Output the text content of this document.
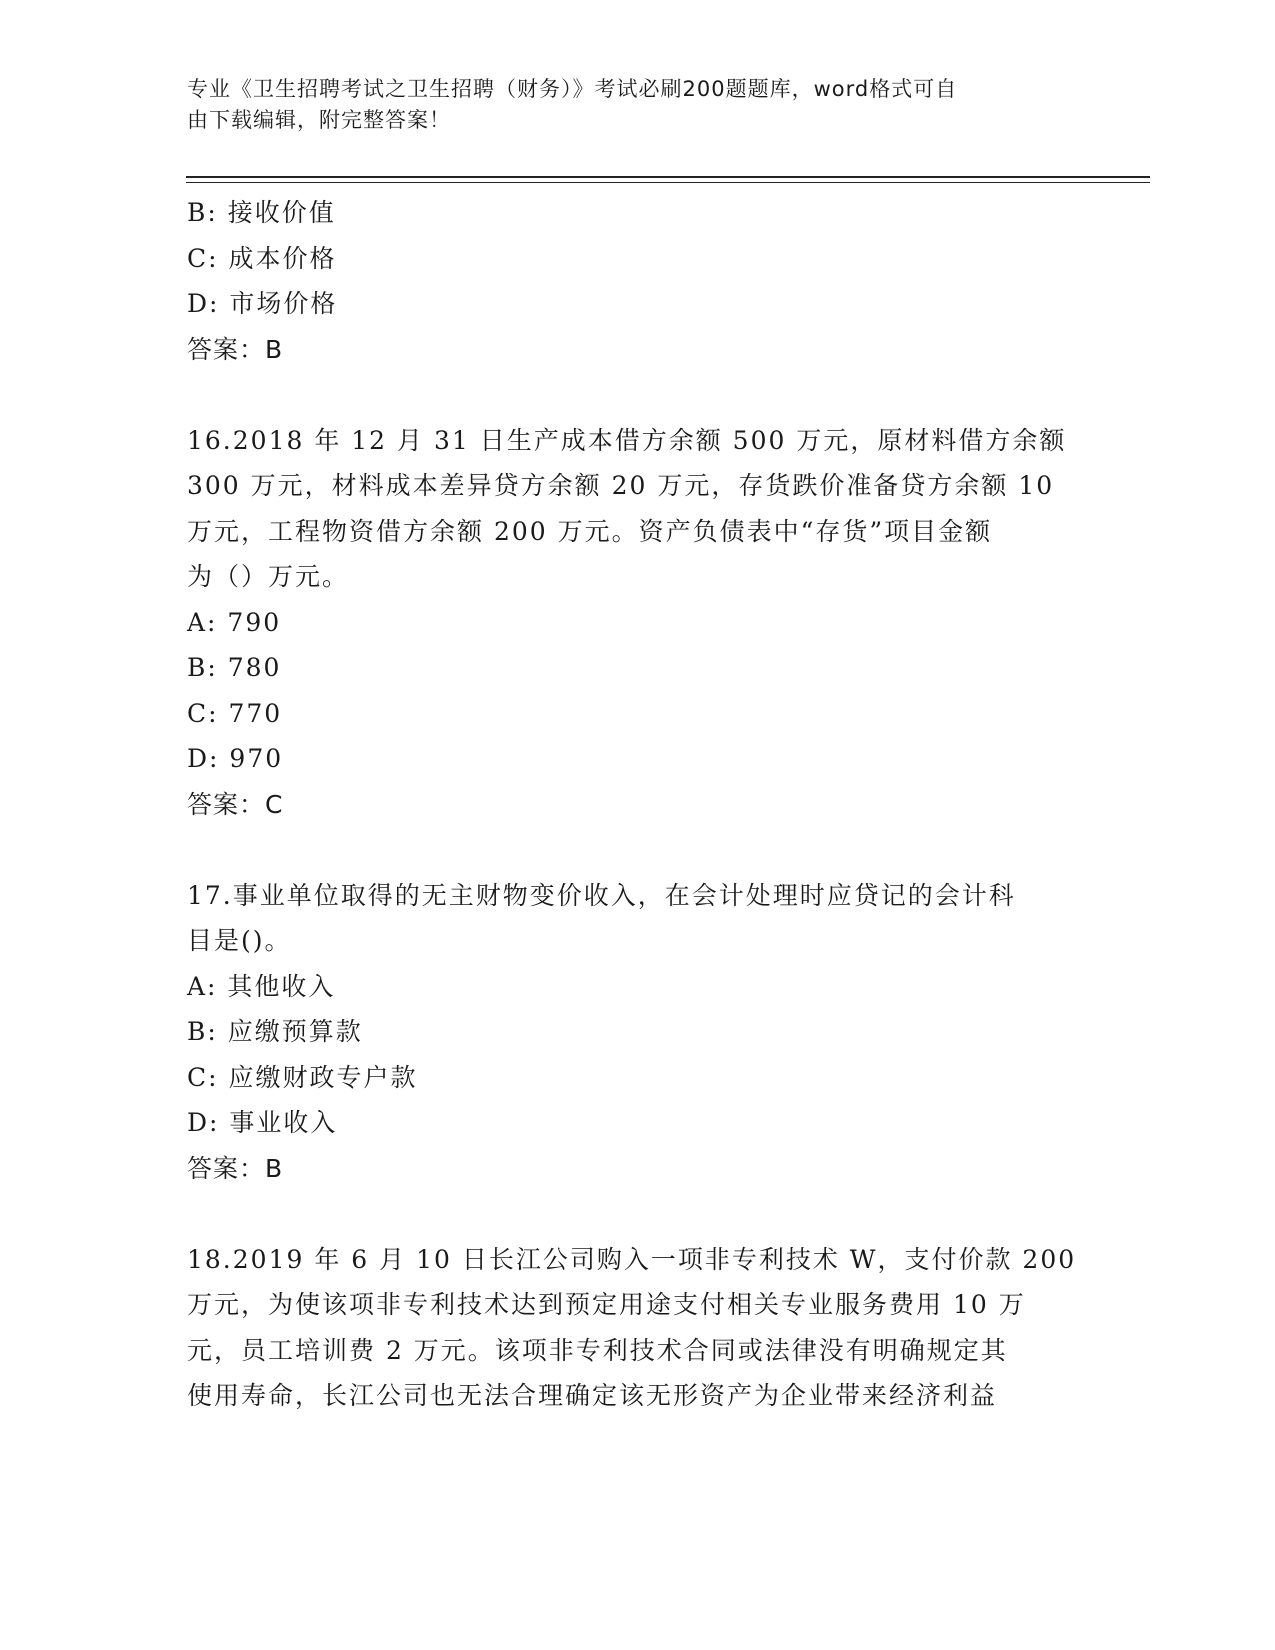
专业《卫生招聘考试之卫生招聘（财务）》考试必刷200题题库，word格式可自
由下载编辑，附完整答案！
B: 接收价值
C: 成本价格
D: 市场价格
答案：B
16.2018 年 12 月 31 日生产成本借方余额 500 万元，原材料借方余额
300 万元，材料成本差异贷方余额 20 万元，存货跌价准备贷方余额 10
万元，工程物资借方余额 200 万元。资产负债表中“存货”项目金额
为（）万元。
A: 790
B: 780
C: 770
D: 970
答案：C
17.事业单位取得的无主财物变价收入，在会计处理时应贷记的会计科
目是()。
A: 其他收入
B: 应缴预算款
C: 应缴财政专户款
D: 事业收入
答案：B
18.2019 年 6 月 10 日长江公司购入一项非专利技术 W，支付价款 200
万元，为使该项非专利技术达到预定用途支付相关专业服务费用 10 万
元，员工培训费 2 万元。该项非专利技术合同或法律没有明确规定其
使用寿命，长江公司也无法合理确定该无形资产为企业带来经济利益
